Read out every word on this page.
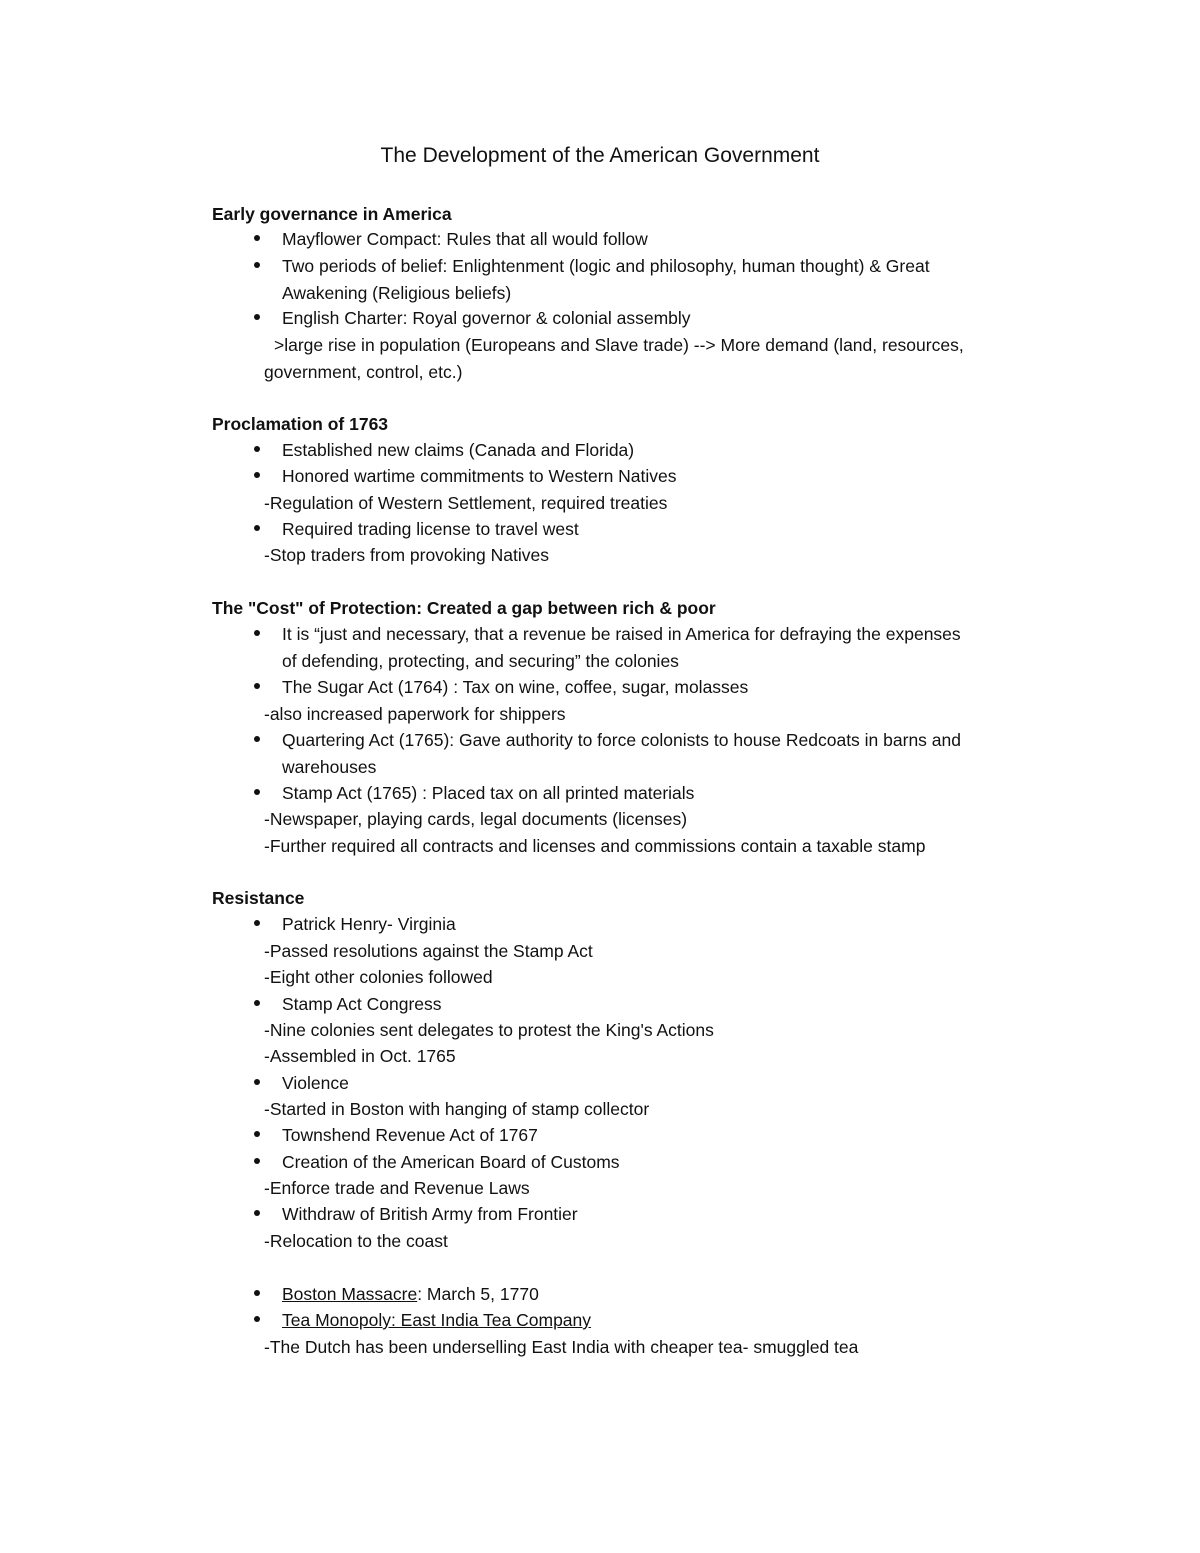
The Development of the American Government
Early governance in America
Mayflower Compact: Rules that all would follow
Two periods of belief: Enlightenment (logic and philosophy, human thought) & Great
Awakening (Religious beliefs)
English Charter: Royal governor & colonial assembly
>large rise in population (Europeans and Slave trade) --> More demand (land, resources,
government, control, etc.)
Proclamation of 1763
Established new claims (Canada and Florida)
Honored wartime commitments to Western Natives
-Regulation of Western Settlement, required treaties
Required trading license to travel west
-Stop traders from provoking Natives
The "Cost" of Protection: Created a gap between rich & poor
It is “just and necessary, that a revenue be raised in America for defraying the expenses
of defending, protecting, and securing” the colonies
The Sugar Act (1764) : Tax on wine, coffee, sugar, molasses
-also increased paperwork for shippers
Quartering Act (1765): Gave authority to force colonists to house Redcoats in barns and
warehouses
Stamp Act (1765) : Placed tax on all printed materials
-Newspaper, playing cards, legal documents (licenses)
-Further required all contracts and licenses and commissions contain a taxable stamp
Resistance
Patrick Henry- Virginia
-Passed resolutions against the Stamp Act
-Eight other colonies followed
Stamp Act Congress
-Nine colonies sent delegates to protest the King's Actions
-Assembled in Oct. 1765
Violence
-Started in Boston with hanging of stamp collector
Townshend Revenue Act of 1767
Creation of the American Board of Customs
-Enforce trade and Revenue Laws
Withdraw of British Army from Frontier
-Relocation to the coast
Boston Massacre: March 5, 1770
Tea Monopoly: East India Tea Company
-The Dutch has been underselling East India with cheaper tea- smuggled tea
